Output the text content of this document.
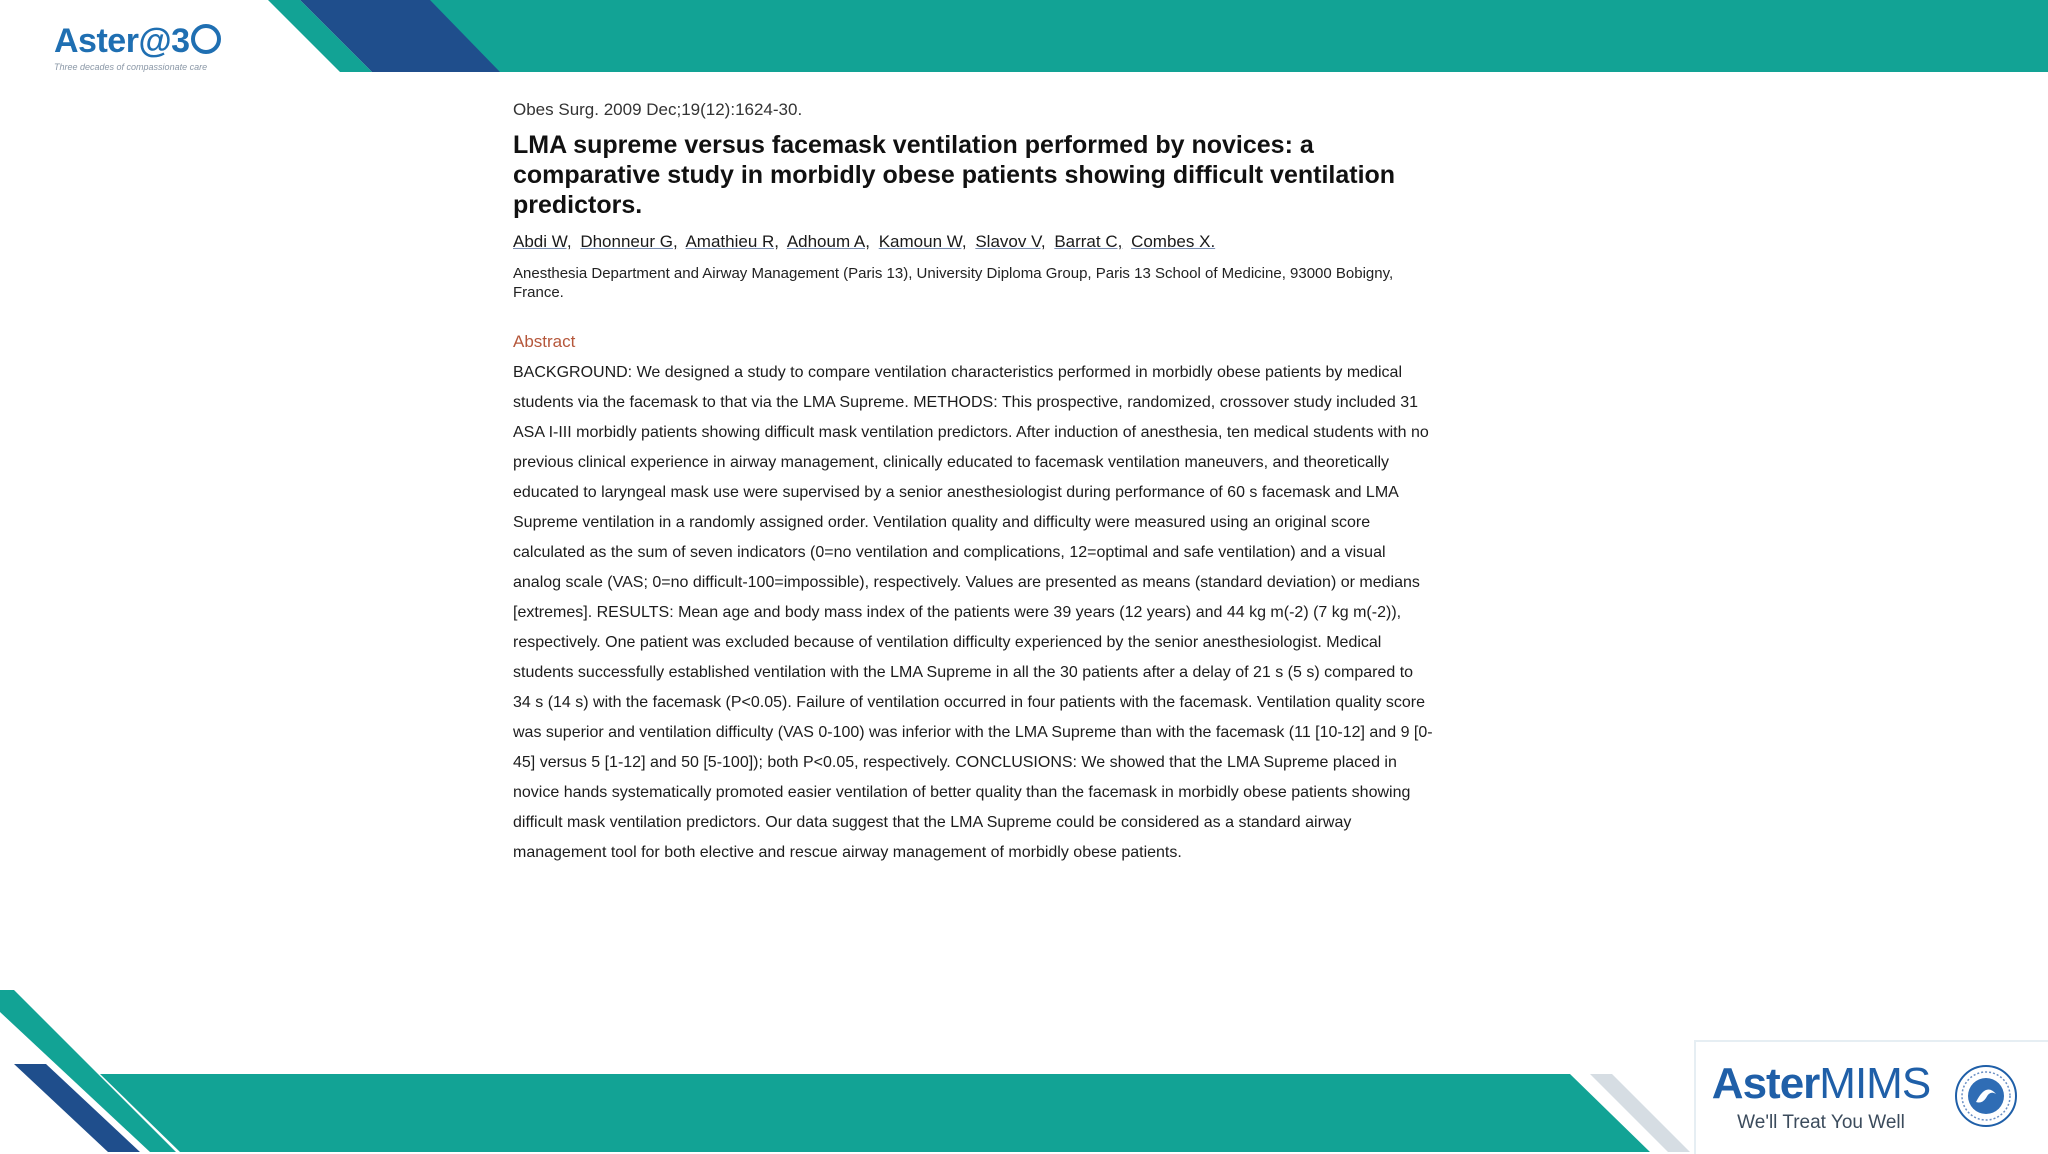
Aster@3
Three decades of compassionate care

Obes Surg. 2009 Dec;19(12):1624-30.

LMA supreme versus facemask ventilation performed by novices: a comparative study in morbidly obese patients showing difficult ventilation predictors.

Abdi W, Dhonneur G, Amathieu R, Adhoum A, Kamoun W, Slavov V, Barrat C, Combes X.

Anesthesia Department and Airway Management (Paris 13), University Diploma Group, Paris 13 School of Medicine, 93000 Bobigny, France.

Abstract

BACKGROUND: We designed a study to compare ventilation characteristics performed in morbidly obese patients by medical students via the facemask to that via the LMA Supreme. METHODS: This prospective, randomized, crossover study included 31 ASA I-III morbidly patients showing difficult mask ventilation predictors. After induction of anesthesia, ten medical students with no previous clinical experience in airway management, clinically educated to facemask ventilation maneuvers, and theoretically educated to laryngeal mask use were supervised by a senior anesthesiologist during performance of 60 s facemask and LMA Supreme ventilation in a randomly assigned order. Ventilation quality and difficulty were measured using an original score calculated as the sum of seven indicators (0=no ventilation and complications, 12=optimal and safe ventilation) and a visual analog scale (VAS; 0=no difficult-100=impossible), respectively. Values are presented as means (standard deviation) or medians [extremes]. RESULTS: Mean age and body mass index of the patients were 39 years (12 years) and 44 kg m(-2) (7 kg m(-2)), respectively. One patient was excluded because of ventilation difficulty experienced by the senior anesthesiologist. Medical students successfully established ventilation with the LMA Supreme in all the 30 patients after a delay of 21 s (5 s) compared to 34 s (14 s) with the facemask (P<0.05). Failure of ventilation occurred in four patients with the facemask. Ventilation quality score was superior and ventilation difficulty (VAS 0-100) was inferior with the LMA Supreme than with the facemask (11 [10-12] and 9 [0-45] versus 5 [1-12] and 50 [5-100]); both P<0.05, respectively. CONCLUSIONS: We showed that the LMA Supreme placed in novice hands systematically promoted easier ventilation of better quality than the facemask in morbidly obese patients showing difficult mask ventilation predictors. Our data suggest that the LMA Supreme could be considered as a standard airway management tool for both elective and rescue airway management of morbidly obese patients.

AsterMIMS
We'll Treat You Well
